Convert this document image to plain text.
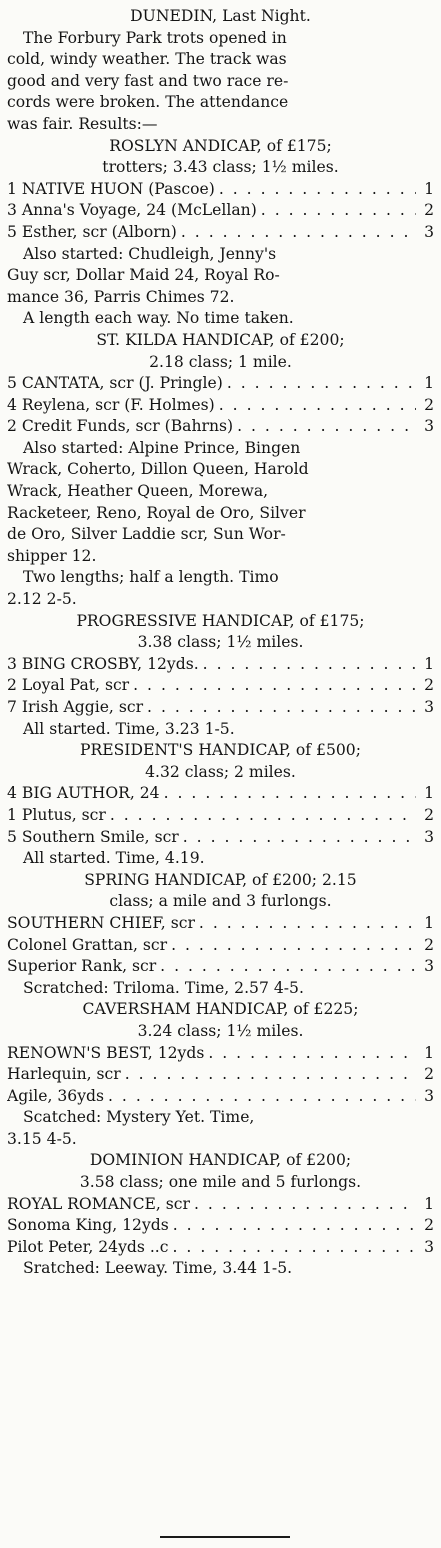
DUNEDIN, Last Night.
The Forbury Park trots opened in
cold, windy weather. The track was
good and very fast and two race re-
cords were broken. The attendance
was fair. Results:—
ROSLYN ANDICAP, of £175;
trotters; 3.43 class; 1½ miles.
1 NATIVE HUON (Pascoe) . . .	1
3 Anna's Voyage, 24 (McLellan) . . .	2
5 Esther, scr (Alborn) . . .	3
Also started: Chudleigh, Jenny's
Guy scr, Dollar Maid 24, Royal Ro-
mance 36, Parris Chimes 72.
A length each way. No time taken.
ST. KILDA HANDICAP, of £200;
2.18 class; 1 mile.
5 CANTATA, scr (J. Pringle) . . .	1
4 Reylena, scr (F. Holmes) . . .	2
2 Credit Funds, scr (Bahrns) . . .	3
Also started: Alpine Prince, Bingen
Wrack, Coherto, Dillon Queen, Harold
Wrack, Heather Queen, Morewa,
Racketeer, Reno, Royal de Oro, Silver
de Oro, Silver Laddie scr, Sun Wor-
shipper 12.
Two lengths; half a length. Timo
2.12 2-5.
PROGRESSIVE HANDICAP, of £175;
3.38 class; 1½ miles.
3 BING CROSBY, 12yds. . . .	1
2 Loyal Pat, scr . . .	2
7 Irish Aggie, scr . . .	3
All started. Time, 3.23 1-5.
PRESIDENT'S HANDICAP, of £500;
4.32 class; 2 miles.
4 BIG AUTHOR, 24 . . .	1
1 Plutus, scr . . .	2
5 Southern Smile, scr . . .	3
All started. Time, 4.19.
SPRING HANDICAP, of £200; 2.15
class; a mile and 3 furlongs.
SOUTHERN CHIEF, scr . . .	1
Colonel Grattan, scr . . .	2
Superior Rank, scr . . .	3
Scratched: Triloma. Time, 2.57 4-5.
CAVERSHAM HANDICAP, of £225;
3.24 class; 1½ miles.
RENOWN'S BEST, 12yds . . .	1
Harlequin, scr . . .	2
Agile, 36yds . . .	3
Scatched: Mystery Yet. Time,
3.15 4-5.
DOMINION HANDICAP, of £200;
3.58 class; one mile and 5 furlongs.
ROYAL ROMANCE, scr . . .	1
Sonoma King, 12yds . . .	2
Pilot Peter, 24yds ..c . . .	3
Sratched: Leeway. Time, 3.44 1-5.
